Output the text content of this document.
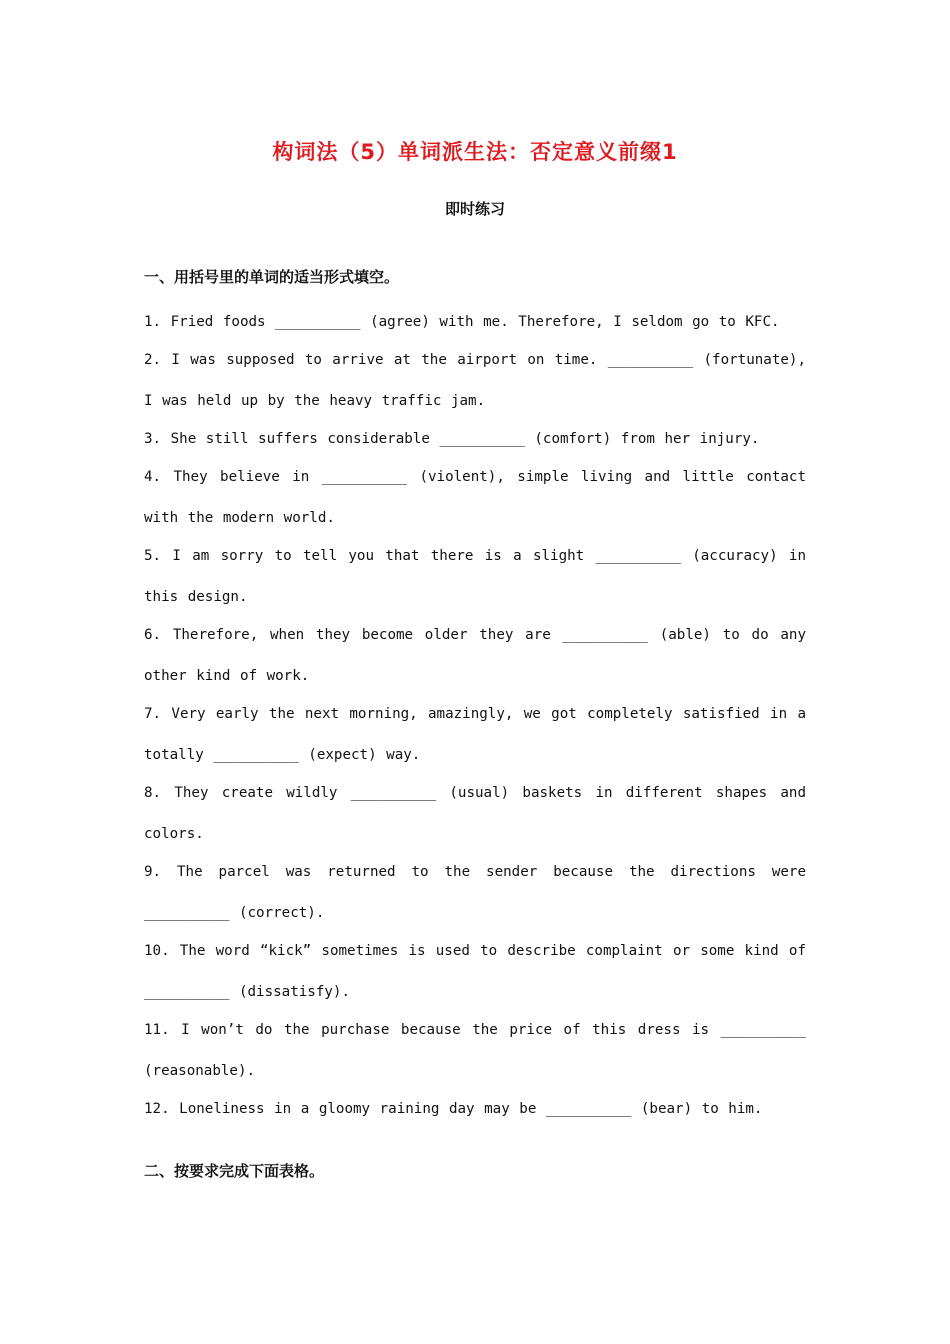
构词法（5）单词派生法：否定意义前缀1
即时练习
一、用括号里的单词的适当形式填空。
1. Fried foods __________ (agree) with me. Therefore, I seldom go to KFC.
2. I was supposed to arrive at the airport on time. __________ (fortunate), I was held up by the heavy traffic jam.
3. She still suffers considerable __________ (comfort) from her injury.
4. They believe in __________ (violent), simple living and little contact with the modern world.
5. I am sorry to tell you that there is a slight __________ (accuracy) in this design.
6. Therefore, when they become older they are __________ (able) to do any other kind of work.
7. Very early the next morning, amazingly, we got completely satisfied in a totally __________ (expect) way.
8. They create wildly __________ (usual) baskets in different shapes and colors.
9. The parcel was returned to the sender because the directions were __________ (correct).
10. The word “kick” sometimes is used to describe complaint or some kind of __________ (dissatisfy).
11. I won’t do the purchase because the price of this dress is __________ (reasonable).
12. Loneliness in a gloomy raining day may be __________ (bear) to him.
二、按要求完成下面表格。
